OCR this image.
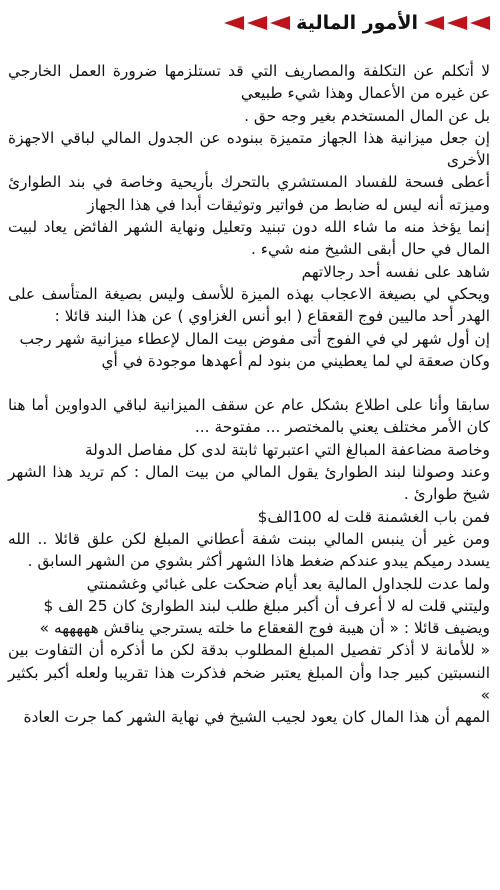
الأمور المالية

لا أتكلم عن التكلفة والمصاريف التي قد تستلزمها ضرورة العمل الخارجي عن غيره من الأعمال وهذا شيء طبيعي

بل عن المال المستخدم بغير وجه حق .

إن جعل ميزانية هذا الجهاز متميزة ببنوده عن الجدول المالي لباقي الاجهزة الأخرى

أعطى فسحة للفساد المستشري بالتحرك بأريحية وخاصة في بند الطوارئ وميزته أنه ليس له ضابط من فواتير وتوثيقات أبدا في هذا الجهاز

إنما يؤخذ منه ما شاء الله دون تبنيد وتعليل ونهاية الشهر الفائض يعاد لبيت المال في حال أبقى الشيخ منه شيء .

شاهد على نفسه أحد رجالاتهم

ويحكي لي بصيغة الاعجاب بهذه الميزة للأسف وليس بصيغة المتأسف على الهدر أحد ماليين فوج القعقاع ( ابو أنس الغزاوي ) عن هذا البند قائلا :

إن أول شهر لي في الفوج أتى مفوض بيت المال لإعطاء ميزانية شهر رجب

وكان صعقة لي لما يعطيني من بنود لم أعهدها موجودة في أي

سابقا وأنا على اطلاع بشكل عام عن سقف الميزانية لباقي الدواوين أما هنا كان الأمر مختلف يعني بالمختصر ... مفتوحة ...

وخاصة مضاعفة المبالغ التي اعتبرتها ثابتة لدى كل مفاصل الدولة

وعند وصولنا لبند الطوارئ يقول المالي من بيت المال : كم تريد هذا الشهر شيخ طوارئ .

فمن باب الغشمنة قلت له 100الف$

ومن غير أن ينبس المالي ببنت شفة أعطاني المبلغ لكن علق قائلا .. الله يسدد رميكم يبدو عندكم ضغط هاذا الشهر أكثر بشوي من الشهر السابق .

ولما عدت للجداول المالية بعد أيام ضحكت على غبائي وغشمنتي

وليتني قلت له لا أعرف أن أكبر مبلغ طلب لبند الطوارئ كان 25 الف $

ويضيف قائلا : « أن هيبة فوج القعقاع ما خلته يسترجي يناقش هههههه »

« للأمانة لا أذكر تفصيل المبلغ المطلوب بدقة لكن ما أذكره أن التفاوت بين النسبتين كبير جدا وأن المبلغ يعتبر ضخم فذكرت هذا تقريبا ولعله أكبر بكثير »

المهم أن هذا المال كان يعود لجيب الشيخ في نهاية الشهر كما جرت العادة
